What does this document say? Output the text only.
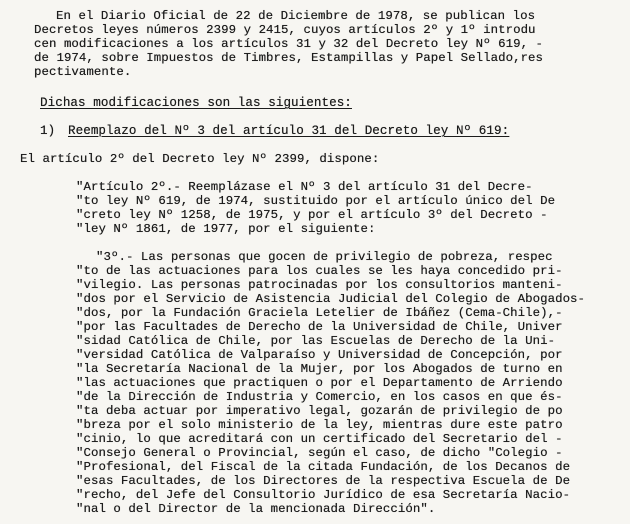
En el Diario Oficial de 22 de Diciembre de 1978, se publican los
Decretos leyes números 2399 y 2415, cuyos artículos 2º y 1º introdu
cen modificaciones a los artículos 31 y 32 del Decreto ley Nº 619, -
de 1974, sobre Impuestos de Timbres, Estampillas y Papel Sellado,res
pectivamente.
Dichas modificaciones son las siguientes:
1) Reemplazo del Nº 3 del artículo 31 del Decreto ley Nº 619:
El artículo 2º del Decreto ley Nº 2399, dispone:
"Artículo 2º.- Reemplázase el Nº 3 del artículo 31 del Decre-
"to ley Nº 619, de 1974, sustituido por el artículo único del De
"creto ley Nº 1258, de 1975, y por el artículo 3º del Decreto -
"ley Nº 1861, de 1977, por el siguiente:
"3º.- Las personas que gocen de privilegio de pobreza, respec
"to de las actuaciones para los cuales se les haya concedido pri-
"vilegio. Las personas patrocinadas por los consultorios manteni-
"dos por el Servicio de Asistencia Judicial del Colegio de Abogados-
"dos, por la Fundación Graciela Letelier de Ibáñez (Cema-Chile),-
"por las Facultades de Derecho de la Universidad de Chile, Univer
"sidad Católica de Chile, por las Escuelas de Derecho de la Uni-
"versidad Católica de Valparaíso y Universidad de Concepción, por
"la Secretaría Nacional de la Mujer, por los Abogados de turno en
"las actuaciones que practiquen o por el Departamento de Arriendo
"de la Dirección de Industria y Comercio, en los casos en que és-
"ta deba actuar por imperativo legal, gozarán de privilegio de po
"breza por el solo ministerio de la ley, mientras dure este patro
"cinio, lo que acreditará con un certificado del Secretario del -
"Consejo General o Provincial, según el caso, de dicho "Colegio -
"Profesional, del Fiscal de la citada Fundación, de los Decanos de
"esas Facultades, de los Directores de la respectiva Escuela de De
"recho, del Jefe del Consultorio Jurídico de esa Secretaría Nacio-
"nal o del Director de la mencionada Dirección".
